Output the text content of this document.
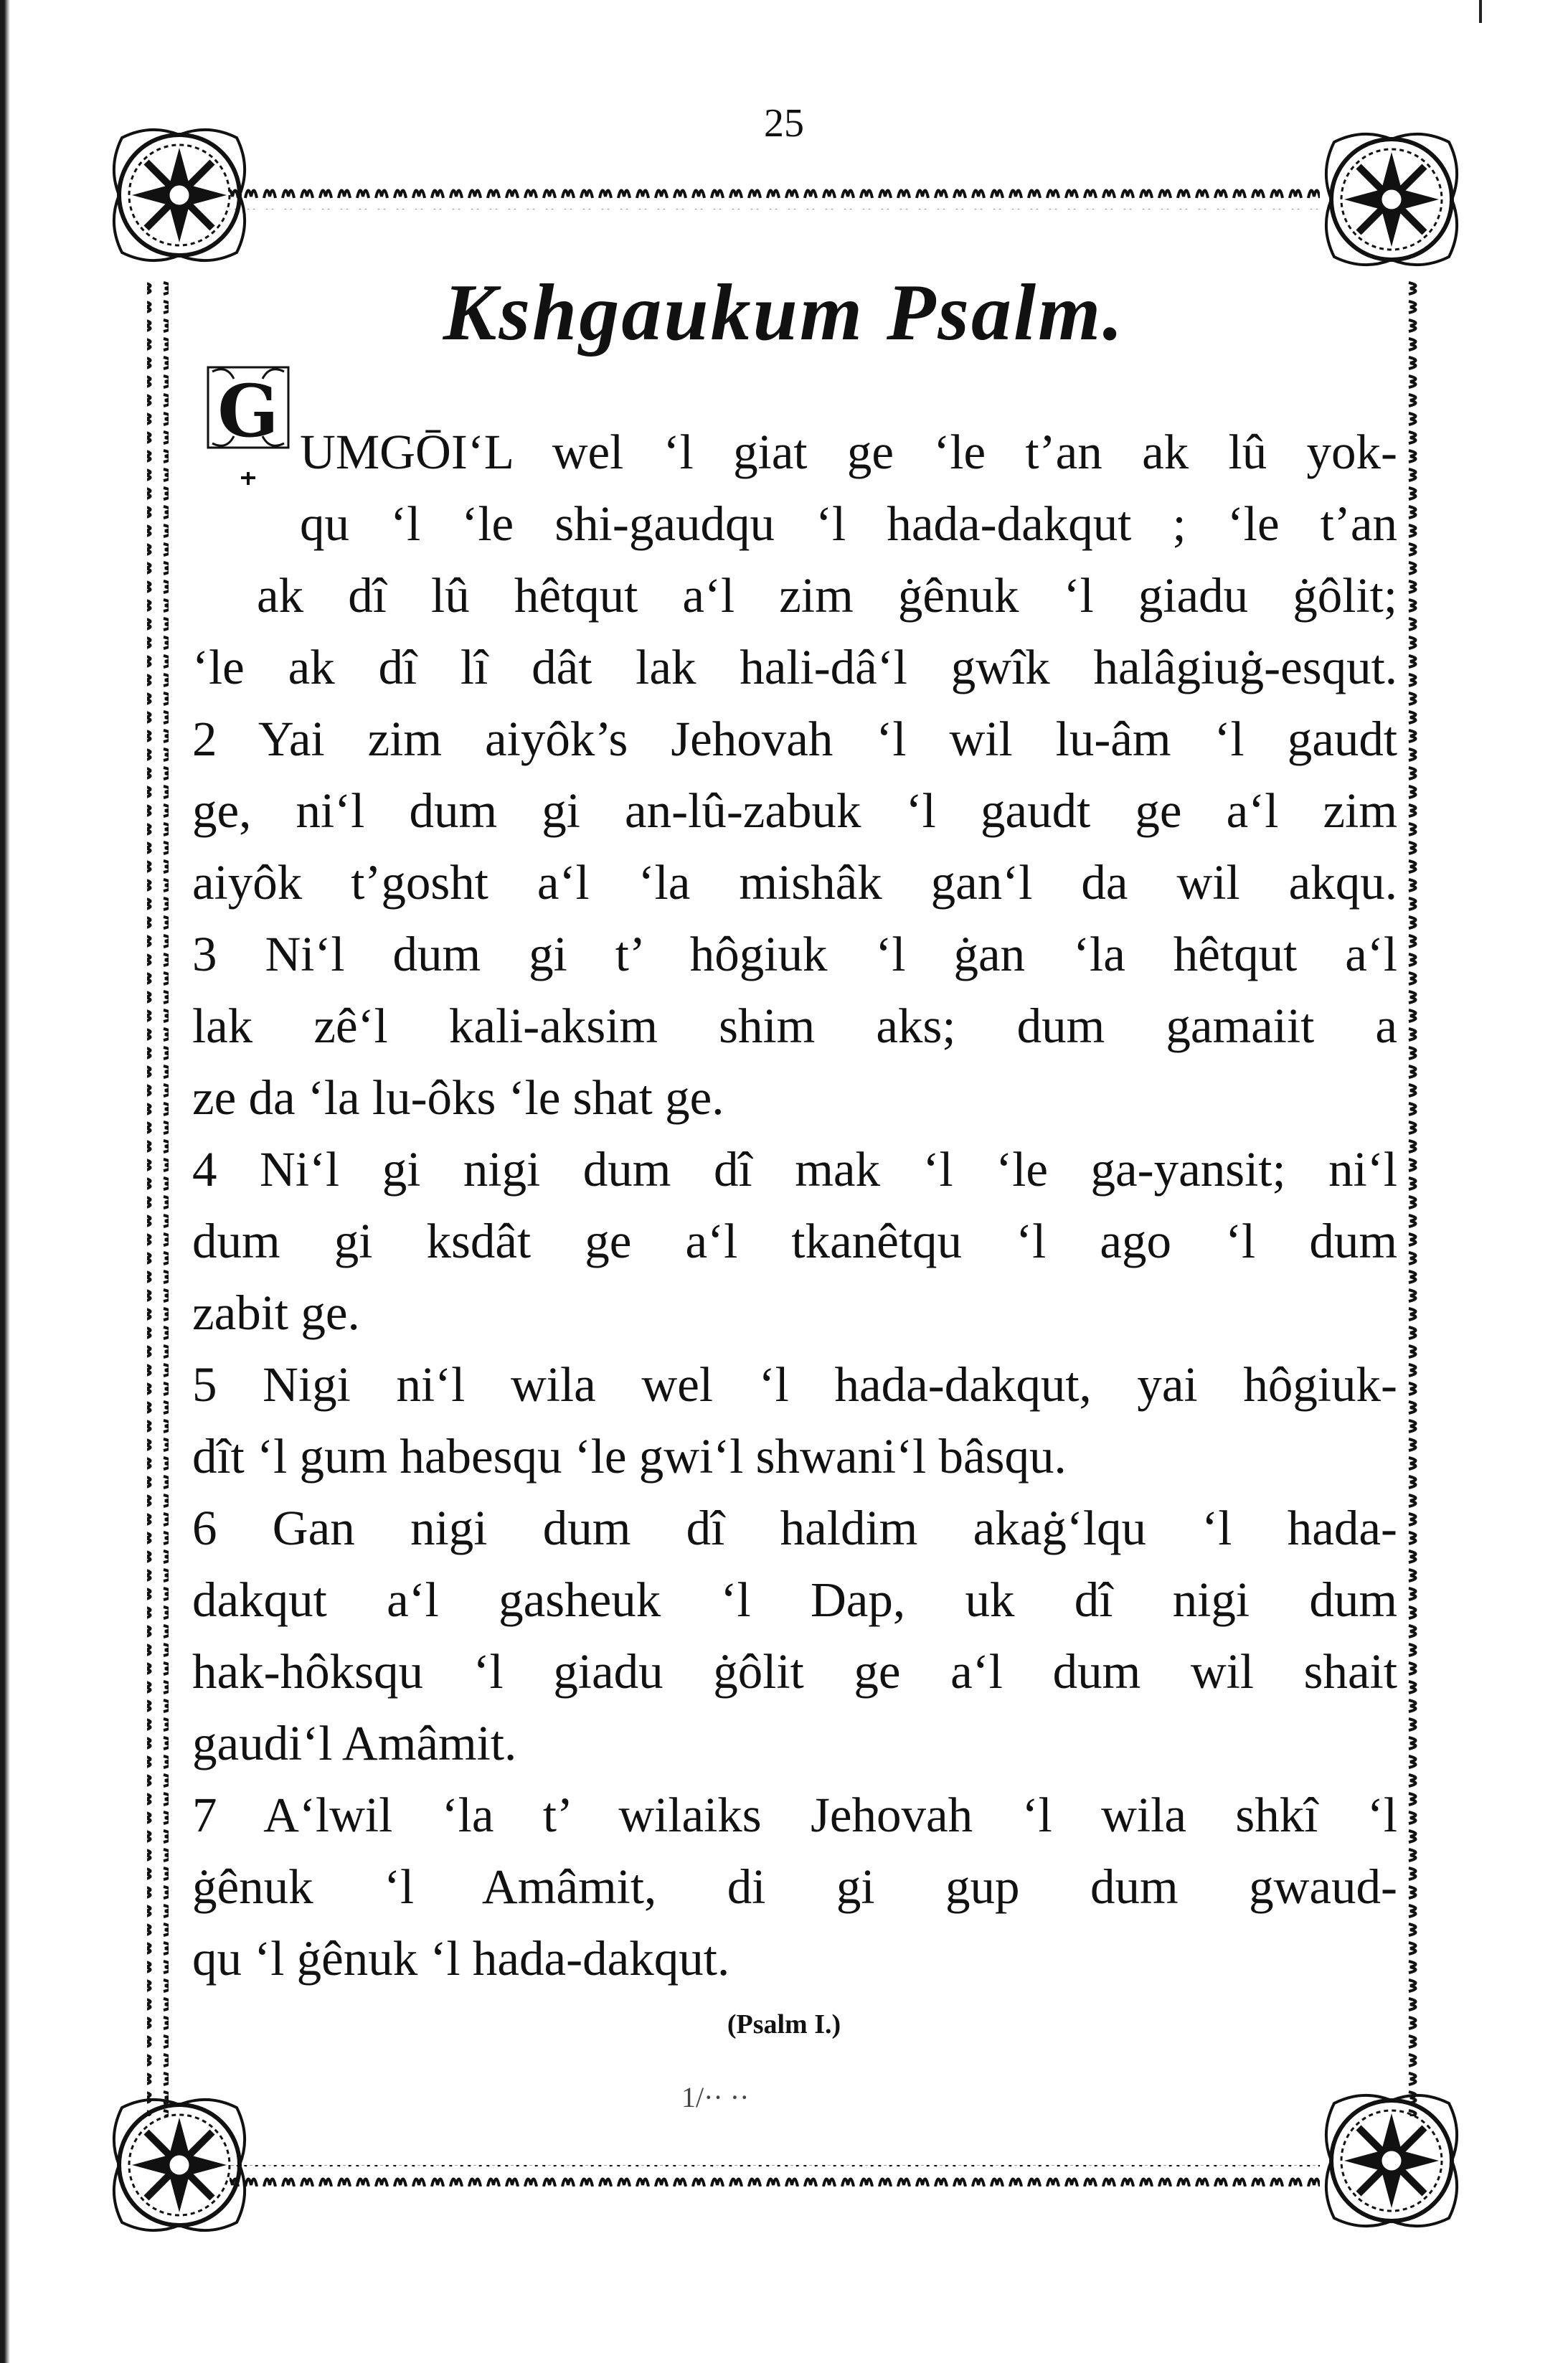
25
Kshgaukum Psalm.
G UMGŌI‘L wel ‘l giat ge ‘le t’an ak lû yok-
qu ‘l ‘le shi-gaudqu ‘l hada-dakqut ; ‘le t’an
ak dî lû hêtqut a‘l zim ġênuk ‘l giadu ġôlit;
‘le ak dî lî dât lak hali-dâ‘l gwîk halâgiuġ-esqut.
2 Yai zim aiyôk’s Jehovah ‘l wil lu-âm ‘l gaudt
ge, ni‘l dum gi an-lû-zabuk ‘l gaudt ge a‘l zim
aiyôk t’gosht a‘l ‘la mishâk gan‘l da wil akqu.
3 Ni‘l dum gi t’ hôgiuk ‘l ġan ‘la hêtqut a‘l
lak zê‘l kali-aksim shim aks; dum gamaiit a
ze da ‘la lu-ôks ‘le shat ge.
4 Ni‘l gi nigi dum dî mak ‘l ‘le ga-yansit; ni‘l
dum gi ksdât ge a‘l tkanêtqu ‘l ago ‘l dum
zabit ge.
5 Nigi ni‘l wila wel ‘l hada-dakqut, yai hôgiuk-
dît ‘l gum habesqu ‘le gwi‘l shwani‘l bâsqu.
6 Gan nigi dum dî haldim akaġ‘lqu ‘l hada-
dakqut a‘l gasheuk ‘l Dap, uk dî nigi dum
hak-hôksqu ‘l giadu ġôlit ge a‘l dum wil shait
gaudi‘l Amâmit.
7 A‘lwil ‘la t’ wilaiks Jehovah ‘l wila shkî ‘l
ġênuk ‘l Amâmit, di gi gup dum gwaud-
qu ‘l ġênuk ‘l hada-dakqut.
(Psalm I.)
1/·· ··
